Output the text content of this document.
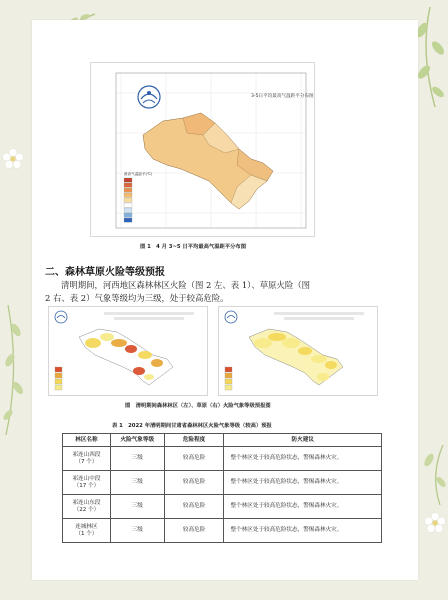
3-5日平均最高气温距平分布图
最高气温距平(℃)
图 1　4 月 3~5 日平均最高气温距平分布图
二、森林草原火险等级预报
清明期间，河西地区森林林区火险（图 2 左、表 1）、草原火险（图
2 右、表 2）气象等级均为三级，处于较高危险。
图　清明期间森林林区（左）、草原（右）火险气象等级预报图
表 1　2022 年清明期间甘肃省森林林区火险气象等级（较高）预报
林区名称	火险气象等级	危险程度	防火建议
祁连山西段
（7 个）	三级	较高危险	整个林区处于较高危险状态，警惕森林火灾。
祁连山中段
（17 个）	三级	较高危险	整个林区处于较高危险状态，警惕森林火灾。
祁连山东段
（22 个）	三级	较高危险	整个林区处于较高危险状态，警惕森林火灾。
连城林区
（1 个）	三级	较高危险	整个林区处于较高危险状态，警惕森林火灾。
